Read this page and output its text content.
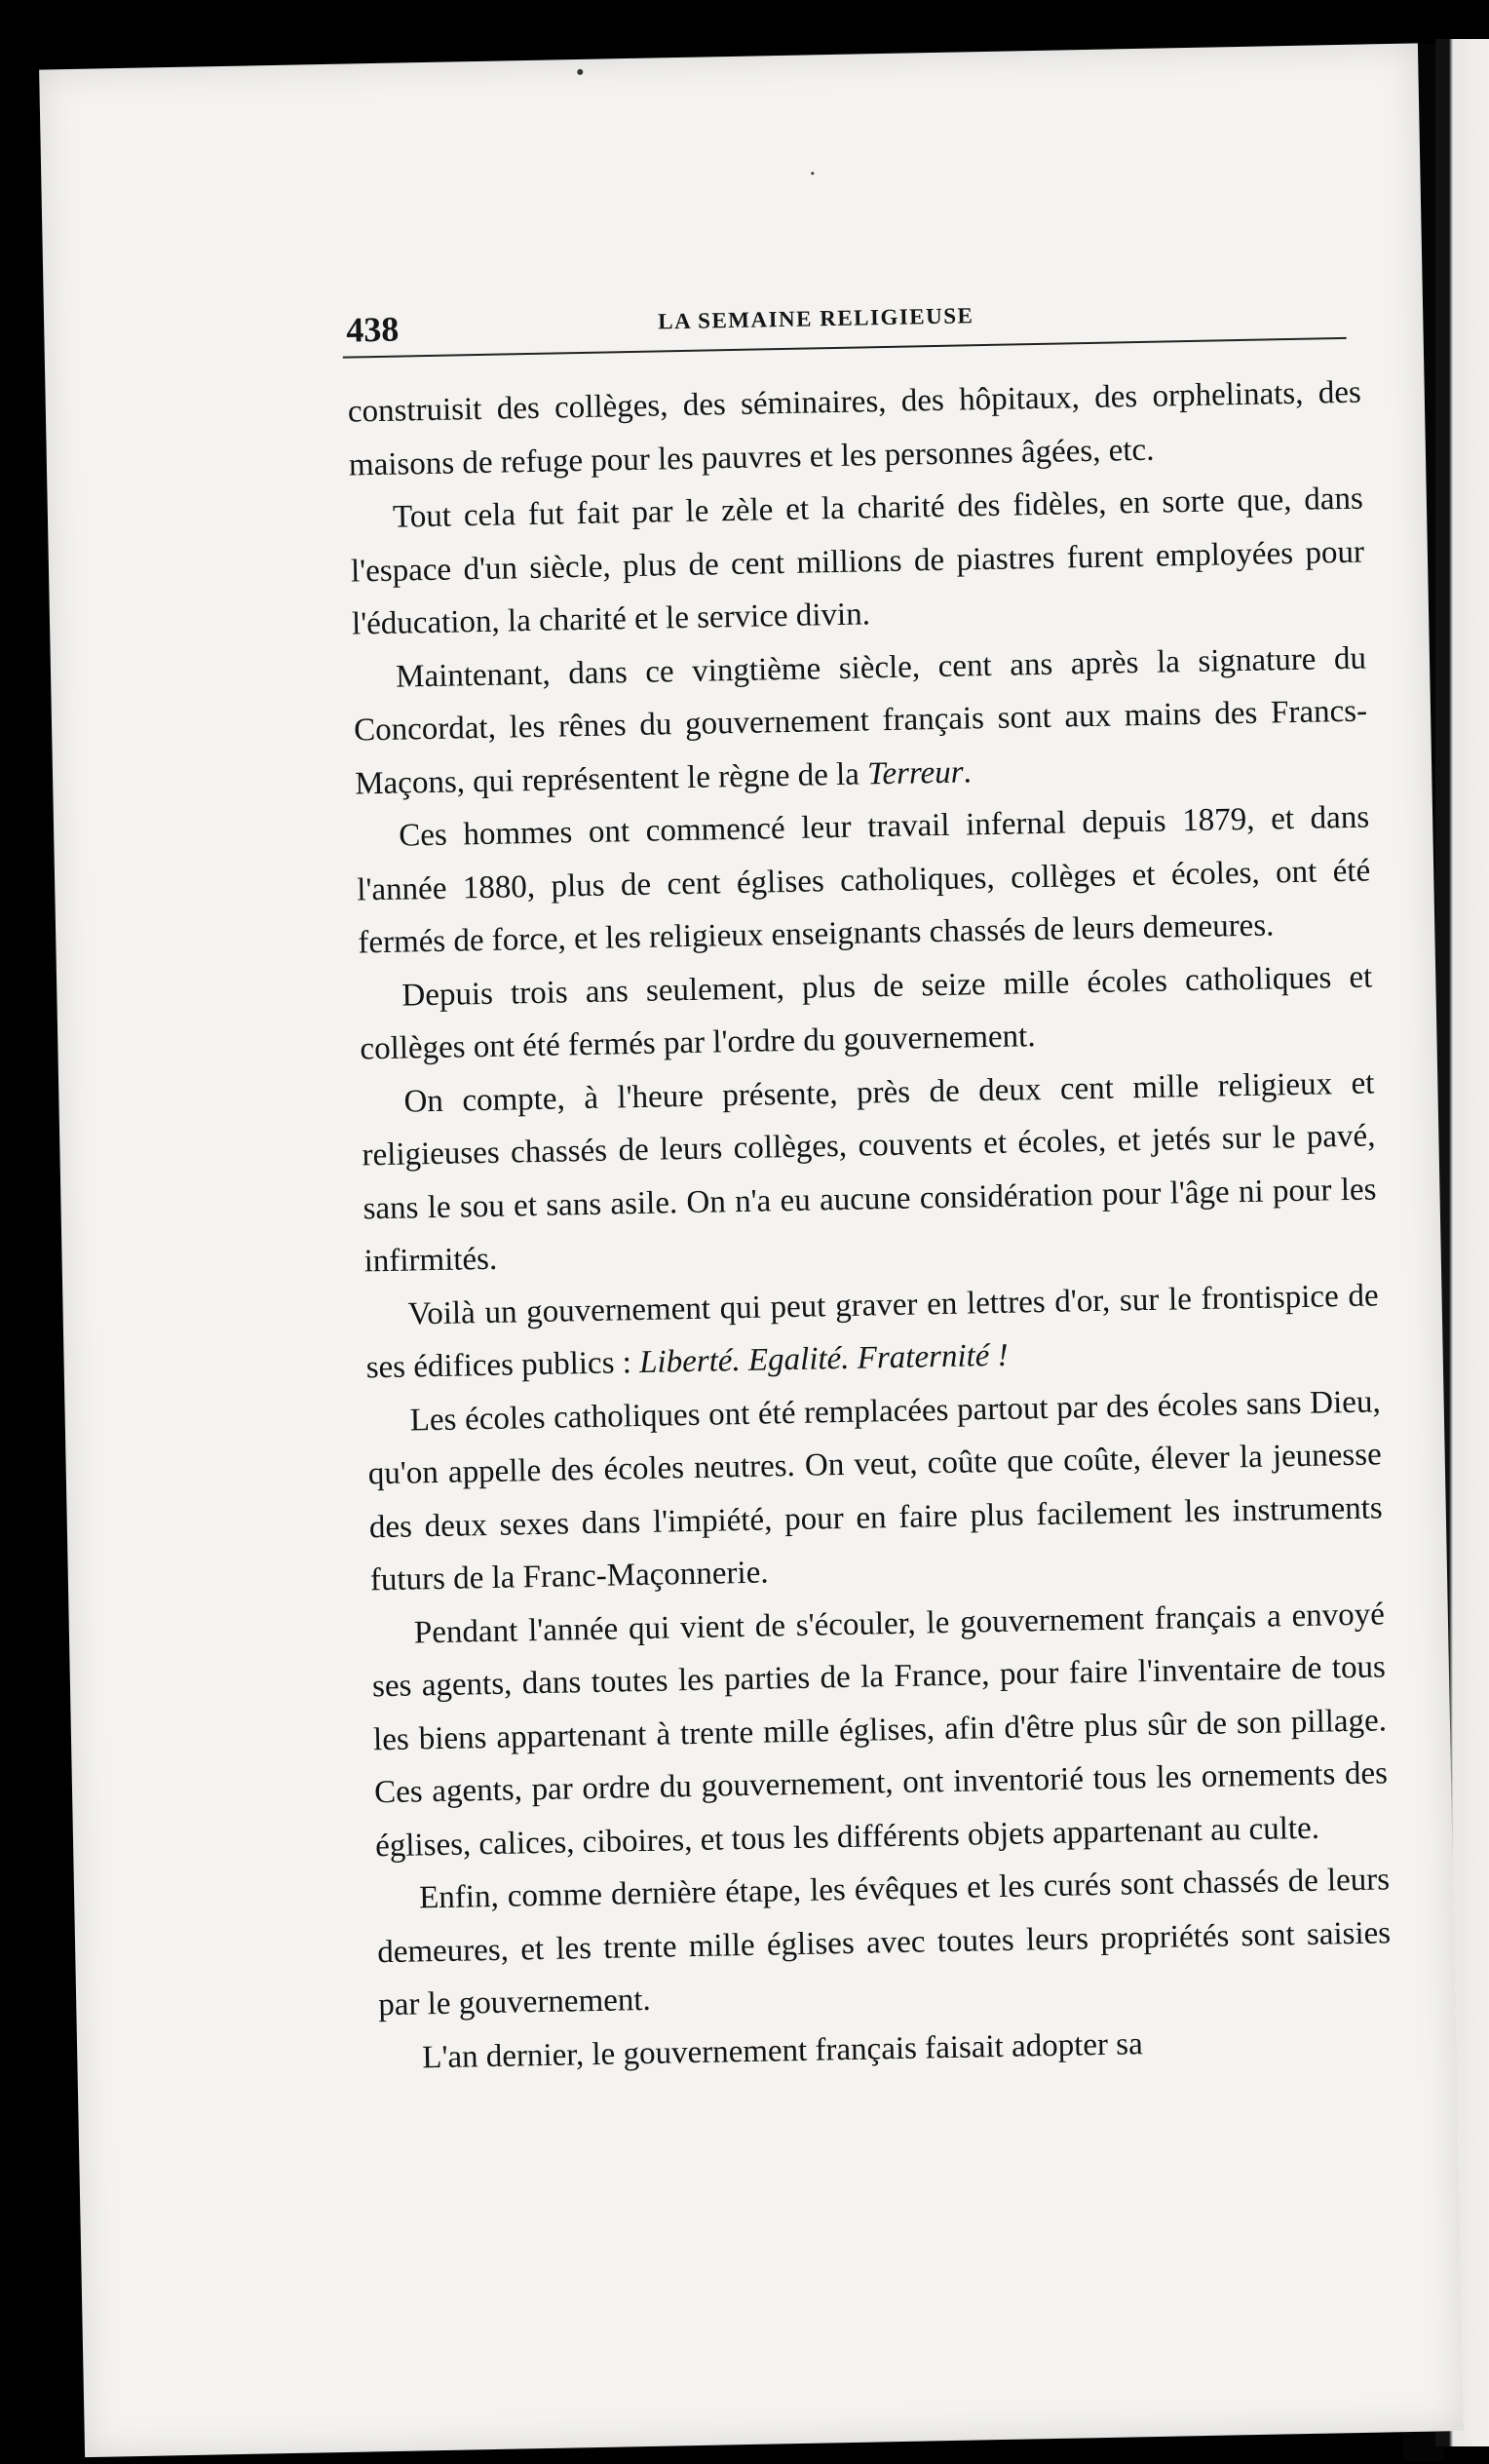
438	LA SEMAINE RELIGIEUSE

construisit des collèges, des séminaires, des hôpitaux, des orphelinats, des maisons de refuge pour les pauvres et les personnes âgées, etc.

Tout cela fut fait par le zèle et la charité des fidèles, en sorte que, dans l'espace d'un siècle, plus de cent millions de piastres furent employées pour l'éducation, la charité et le service divin.

Maintenant, dans ce vingtième siècle, cent ans après la signature du Concordat, les rênes du gouvernement français sont aux mains des Francs-Maçons, qui représentent le règne de la Terreur.

Ces hommes ont commencé leur travail infernal depuis 1879, et dans l'année 1880, plus de cent églises catholiques, collèges et écoles, ont été fermés de force, et les religieux enseignants chassés de leurs demeures.

Depuis trois ans seulement, plus de seize mille écoles catholiques et collèges ont été fermés par l'ordre du gouvernement.

On compte, à l'heure présente, près de deux cent mille religieux et religieuses chassés de leurs collèges, couvents et écoles, et jetés sur le pavé, sans le sou et sans asile. On n'a eu aucune considération pour l'âge ni pour les infirmités.

Voilà un gouvernement qui peut graver en lettres d'or, sur le frontispice de ses édifices publics : Liberté. Egalité. Fraternité !

Les écoles catholiques ont été remplacées partout par des écoles sans Dieu, qu'on appelle des écoles neutres. On veut, coûte que coûte, élever la jeunesse des deux sexes dans l'impiété, pour en faire plus facilement les instruments futurs de la Franc-Maçonnerie.

Pendant l'année qui vient de s'écouler, le gouvernement français a envoyé ses agents, dans toutes les parties de la France, pour faire l'inventaire de tous les biens appartenant à trente mille églises, afin d'être plus sûr de son pillage. Ces agents, par ordre du gouvernement, ont inventorié tous les ornements des églises, calices, ciboires, et tous les différents objets appartenant au culte.

Enfin, comme dernière étape, les évêques et les curés sont chassés de leurs demeures, et les trente mille églises avec toutes leurs propriétés sont saisies par le gouvernement.

L'an dernier, le gouvernement français faisait adopter sa
